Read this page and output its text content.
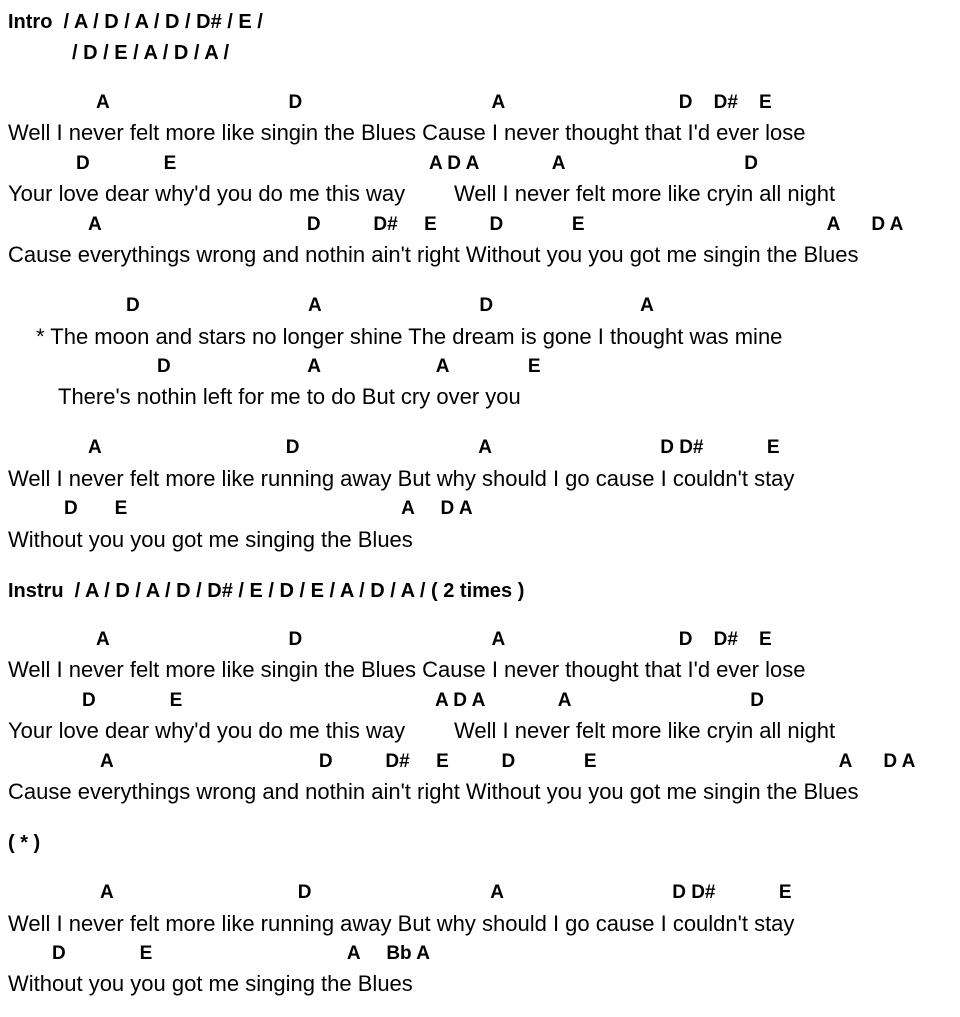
Intro  / A / D / A / D / D# / E /
/ D / E / A / D / A /
A                                  D                                    A                                 D    D#    E
Well I never felt more like singin the Blues Cause I never thought that I'd ever lose
D              E                                                A D A              A                                  D
Your love dear why'd you do me this way        Well I never felt more like cryin all night
A                                       D          D#     E          D             E                                              A      D A
Cause everythings wrong and nothin ain't right Without you you got me singin the Blues
D                                A                              D                            A
* The moon and stars no longer shine The dream is gone I thought was mine
D                          A                      A               E
There's nothin left for me to do But cry over you
A                                   D                                  A                                D D#            E
Well I never felt more like running away But why should I go cause I couldn't stay
D       E                                                    A     D A
Without you you got me singing the Blues
Instru  / A / D / A / D / D# / E / D / E / A / D / A / ( 2 times )
A                                  D                                    A                                 D    D#    E
Well I never felt more like singin the Blues Cause I never thought that I'd ever lose
D              E                                                A D A              A                                  D
Your love dear why'd you do me this way        Well I never felt more like cryin all night
A                                       D          D#     E          D             E                                              A      D A
Cause everythings wrong and nothin ain't right Without you you got me singin the Blues
( * )
A                                   D                                  A                                D D#            E
Well I never felt more like running away But why should I go cause I couldn't stay
D              E                                     A     Bb A
Without you you got me singing the Blues
